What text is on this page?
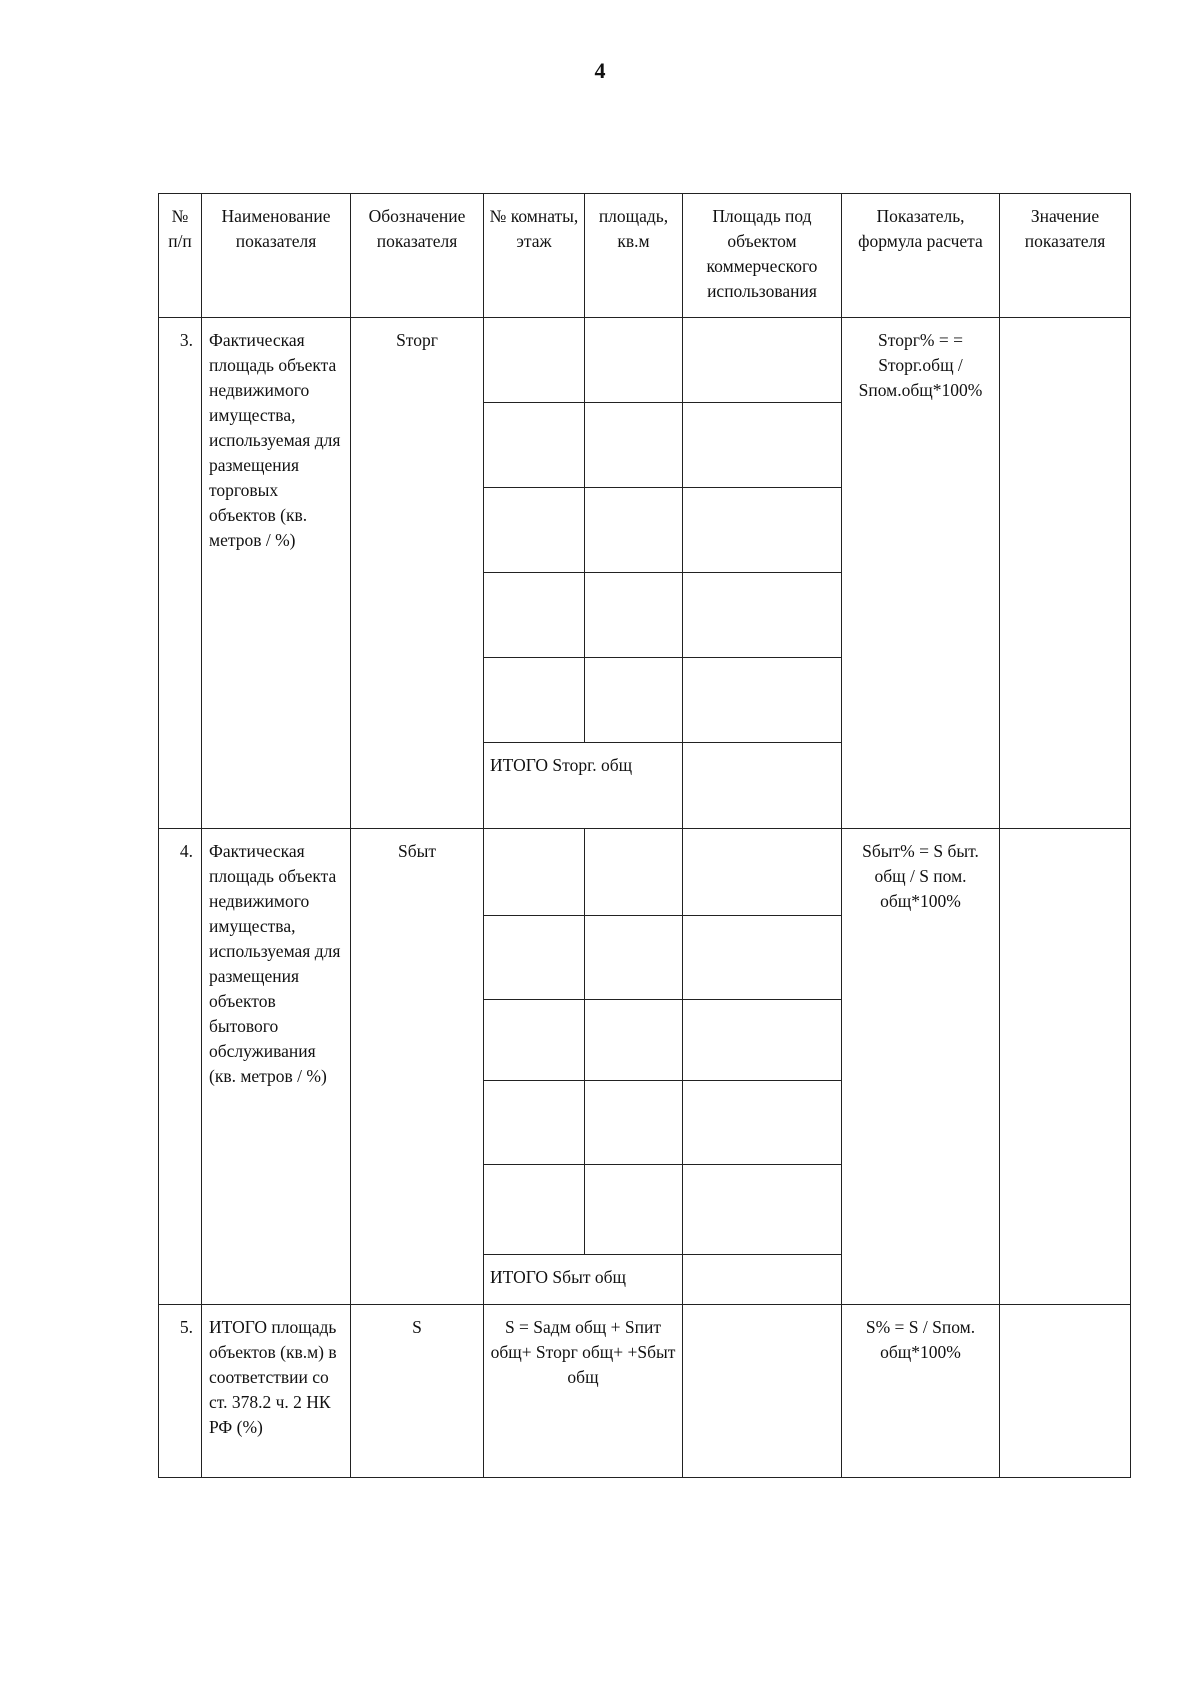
4
№ п/п	Наименование показателя	Обозначение показателя	№ комнаты, этаж	площадь, кв.м	Площадь под объектом коммерческого использования	Показатель, формула расчета	Значение показателя
3.	Фактическая площадь объекта недвижимого имущества, используемая для размещения торговых объектов (кв. метров / %)	Sторг				Sторг% = = Sторг.общ / Sпом.общ*100%	

			ИТОГО Sторг. общ				
4.	Фактическая площадь объекта недвижимого имущества, используемая для размещения объектов бытового обслуживания (кв. метров / %)	Sбыт				Sбыт% = S быт. общ / S пом. общ*100%	

			ИТОГО Sбыт общ				
5.	ИТОГО площадь объектов (кв.м) в соответствии со ст. 378.2 ч. 2 НК РФ (%)	S	S = Sадм общ + Sпит общ+ Sторг общ+ +Sбыт общ			S% = S / Sпом. общ*100%	
